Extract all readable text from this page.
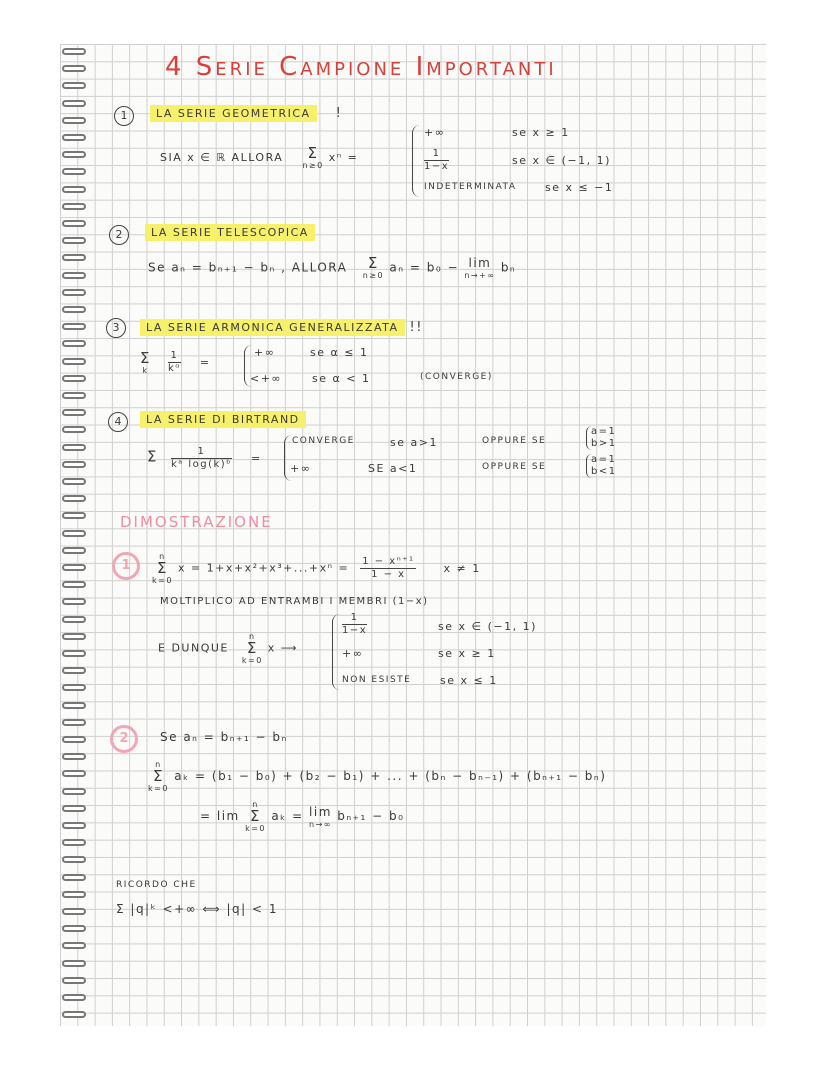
4 Serie Campione Importanti
1	LA SERIE GEOMETRICA !
SIA x ∈ ℝ ALLORA	Σ
n≥0 xⁿ =
+∞	se x ≥ 1
$\frac{1}{1-x}$	se x ∈ (−1, 1)
INDETERMINATA	se x ≤ −1
2	LA SERIE TELESCOPICA
Se aₙ = bₙ₊₁ − bₙ , ALLORA	Σ
n≥0 aₙ = b₀ − lim
n→+∞ bₙ
3	LA SERIE ARMONICA GENERALIZZATA !!
Σ
k $\frac{1}{\text{kᵅ}}$ =
+∞	se α ≤ 1
<+∞	se α < 1	(CONVERGE)
4	LA SERIE DI BIRTRAND
Σ $\frac{1}{\text{kᵃ log(k)ᵇ}}$ =
CONVERGE	se a>1	OPPURE SE
a=1
b>1
+∞	SE a<1	OPPURE SE
a=1
b<1
DIMOSTRAZIONE
1
n
Σ
k=0 $x = 1+x+x^2+x^3+...+x^n = \frac{\text{1 − xⁿ⁺¹}}{1 - x}$ x ≠ 1
MOLTIPLICO AD ENTRAMBI I MEMBRI (1−x)
E DUNQUE
n
Σ
k=0 x ⟶
$\frac{1}{1-x}$	se x ∈ (−1, 1)
+∞	se x ≥ 1
NON ESISTE	se x ≤ 1
2	Se aₙ = bₙ₊₁ − bₙ
n
Σ
k=0 aₖ = (b₁ − b₀) + (b₂ − b₁) + ... + (bₙ − bₙ₋₁) + (bₙ₊₁ − bₙ)
= lim
n
Σ
k=0 aₖ = lim
n→∞ bₙ₊₁ − b₀
RICORDO CHE
Σ |q|ᵏ <+∞ ⟺ |q| < 1
